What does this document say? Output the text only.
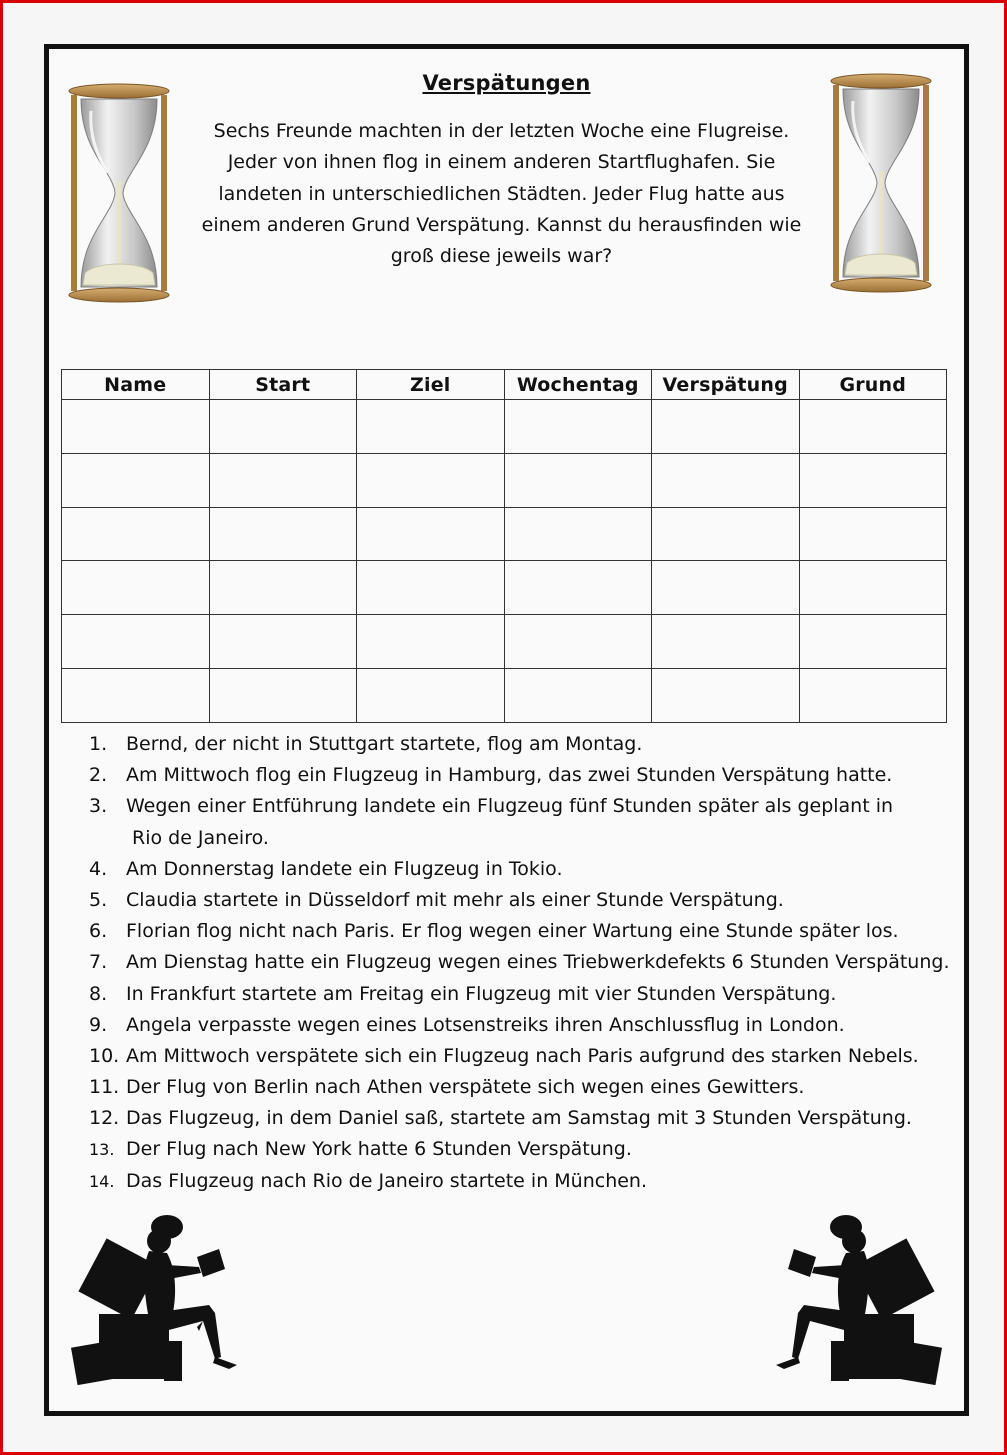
Verspätungen
Sechs Freunde machten in der letzten Woche eine Flugreise.
Jeder von ihnen flog in einem anderen Startflughafen. Sie
landeten in unterschiedlichen Städten. Jeder Flug hatte aus
einem anderen Grund Verspätung. Kannst du herausfinden wie
groß diese jeweils war?
Name	Start	Ziel	Wochentag	Verspätung	Grund

1. Bernd, der nicht in Stuttgart startete, flog am Montag.
2. Am Mittwoch flog ein Flugzeug in Hamburg, das zwei Stunden Verspätung hatte.
3. Wegen einer Entführung landete ein Flugzeug fünf Stunden später als geplant in
Rio de Janeiro.
4. Am Donnerstag landete ein Flugzeug in Tokio.
5. Claudia startete in Düsseldorf mit mehr als einer Stunde Verspätung.
6. Florian flog nicht nach Paris. Er flog wegen einer Wartung eine Stunde später los.
7. Am Dienstag hatte ein Flugzeug wegen eines Triebwerkdefekts 6 Stunden Verspätung.
8. In Frankfurt startete am Freitag ein Flugzeug mit vier Stunden Verspätung.
9. Angela verpasste wegen eines Lotsenstreiks ihren Anschlussflug in London.
10. Am Mittwoch verspätete sich ein Flugzeug nach Paris aufgrund des starken Nebels.
11. Der Flug von Berlin nach Athen verspätete sich wegen eines Gewitters.
12. Das Flugzeug, in dem Daniel saß, startete am Samstag mit 3 Stunden Verspätung.
13. Der Flug nach New York hatte 6 Stunden Verspätung.
14. Das Flugzeug nach Rio de Janeiro startete in München.
